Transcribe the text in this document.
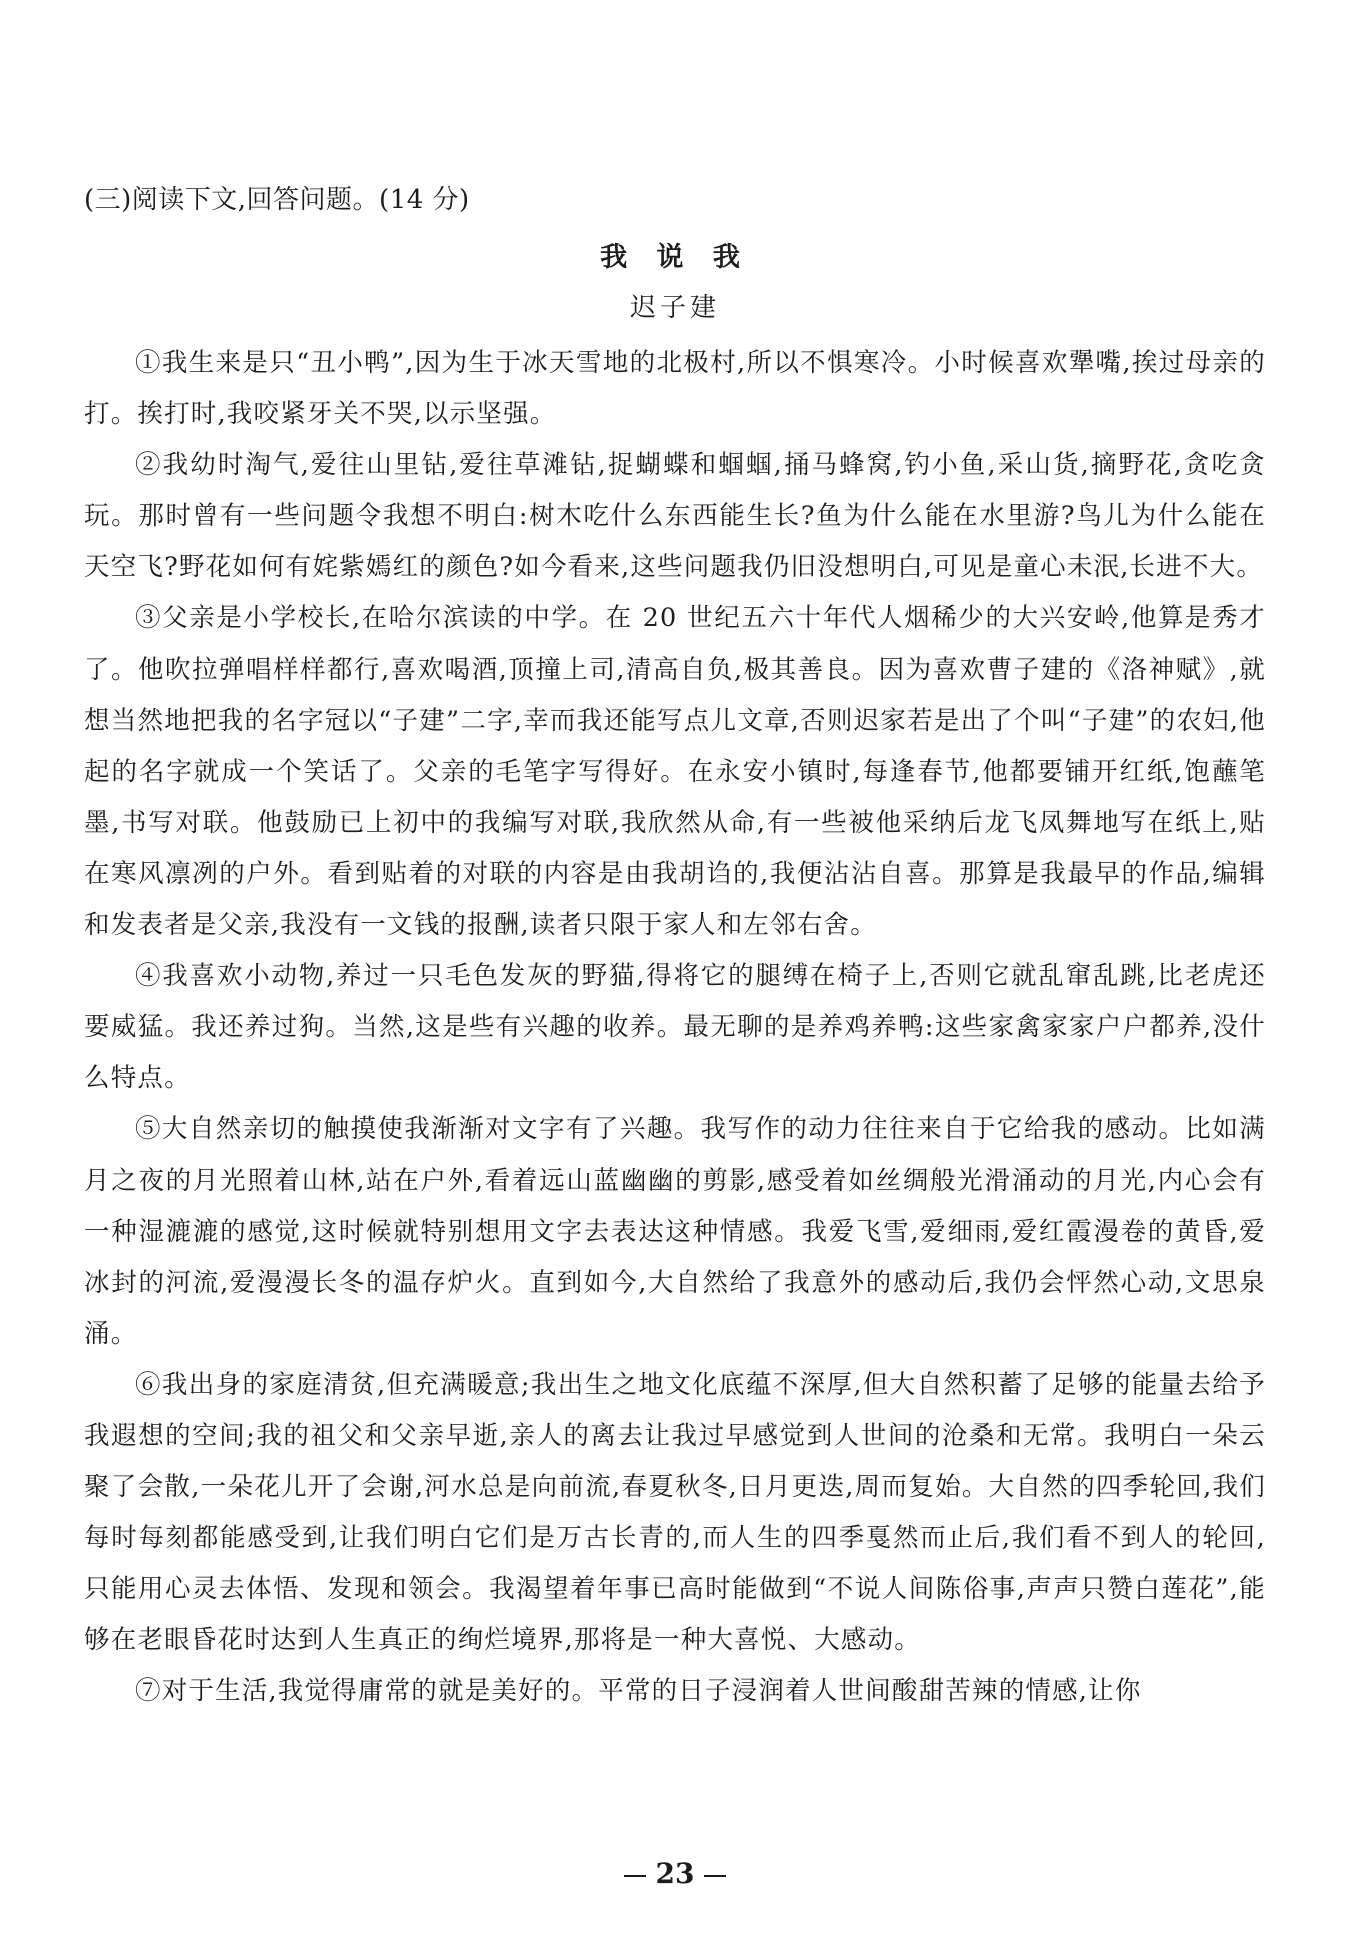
(三)阅读下文,回答问题。(14 分)
我 说 我
迟子建

①我生来是只“丑小鸭”,因为生于冰天雪地的北极村,所以不惧寒冷。小时候喜欢犟嘴,挨过母亲的打。挨打时,我咬紧牙关不哭,以示坚强。

②我幼时淘气,爱往山里钻,爱往草滩钻,捉蝴蝶和蝈蝈,捅马蜂窝,钓小鱼,采山货,摘野花,贪吃贪玩。那时曾有一些问题令我想不明白:树木吃什么东西能生长?鱼为什么能在水里游?鸟儿为什么能在天空飞?野花如何有姹紫嫣红的颜色?如今看来,这些问题我仍旧没想明白,可见是童心未泯,长进不大。

③父亲是小学校长,在哈尔滨读的中学。在 20 世纪五六十年代人烟稀少的大兴安岭,他算是秀才了。他吹拉弹唱样样都行,喜欢喝酒,顶撞上司,清高自负,极其善良。因为喜欢曹子建的《洛神赋》,就想当然地把我的名字冠以“子建”二字,幸而我还能写点儿文章,否则迟家若是出了个叫“子建”的农妇,他起的名字就成一个笑话了。父亲的毛笔字写得好。在永安小镇时,每逢春节,他都要铺开红纸,饱蘸笔墨,书写对联。他鼓励已上初中的我编写对联,我欣然从命,有一些被他采纳后龙飞凤舞地写在纸上,贴在寒风凛冽的户外。看到贴着的对联的内容是由我胡诌的,我便沾沾自喜。那算是我最早的作品,编辑和发表者是父亲,我没有一文钱的报酬,读者只限于家人和左邻右舍。

④我喜欢小动物,养过一只毛色发灰的野猫,得将它的腿缚在椅子上,否则它就乱窜乱跳,比老虎还要威猛。我还养过狗。当然,这是些有兴趣的收养。最无聊的是养鸡养鸭:这些家禽家家户户都养,没什么特点。

⑤大自然亲切的触摸使我渐渐对文字有了兴趣。我写作的动力往往来自于它给我的感动。比如满月之夜的月光照着山林,站在户外,看着远山蓝幽幽的剪影,感受着如丝绸般光滑涌动的月光,内心会有一种湿漉漉的感觉,这时候就特别想用文字去表达这种情感。我爱飞雪,爱细雨,爱红霞漫卷的黄昏,爱冰封的河流,爱漫漫长冬的温存炉火。直到如今,大自然给了我意外的感动后,我仍会怦然心动,文思泉涌。

⑥我出身的家庭清贫,但充满暖意;我出生之地文化底蕴不深厚,但大自然积蓄了足够的能量去给予我遐想的空间;我的祖父和父亲早逝,亲人的离去让我过早感觉到人世间的沧桑和无常。我明白一朵云聚了会散,一朵花儿开了会谢,河水总是向前流,春夏秋冬,日月更迭,周而复始。大自然的四季轮回,我们每时每刻都能感受到,让我们明白它们是万古长青的,而人生的四季戛然而止后,我们看不到人的轮回,只能用心灵去体悟、发现和领会。我渴望着年事已高时能做到“不说人间陈俗事,声声只赞白莲花”,能够在老眼昏花时达到人生真正的绚烂境界,那将是一种大喜悦、大感动。

⑦对于生活,我觉得庸常的就是美好的。平常的日子浸润着人世间酸甜苦辣的情感,让你

23
